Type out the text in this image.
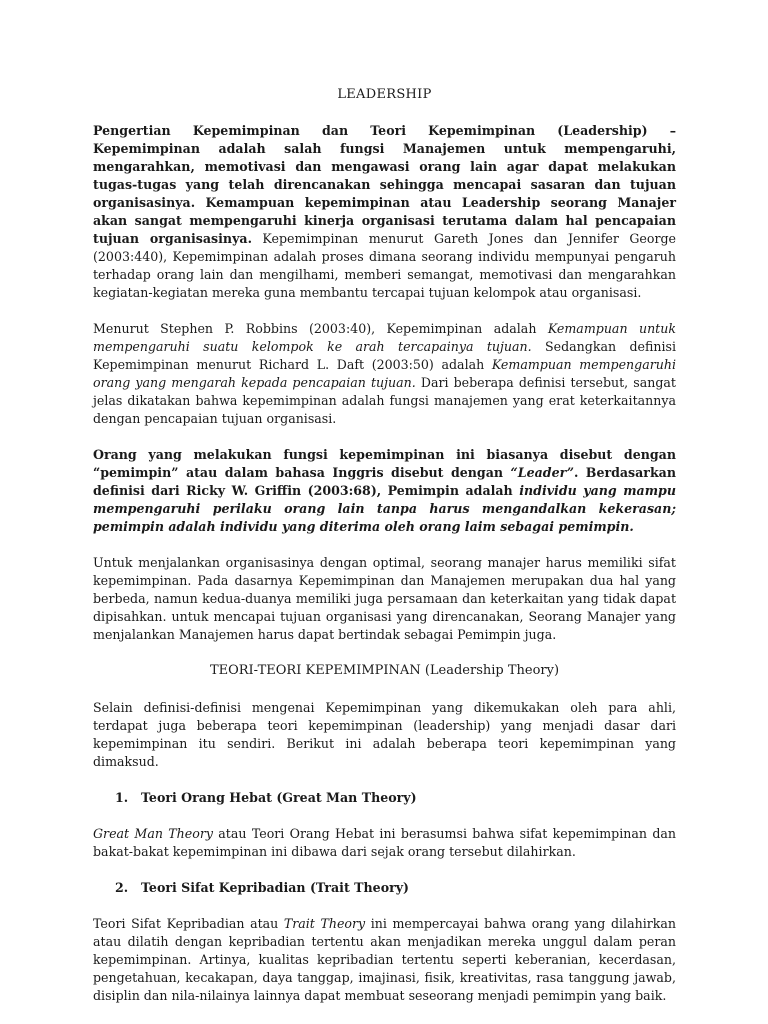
LEADERSHIP

Pengertian Kepemimpinan dan Teori Kepemimpinan (Leadership) – Kepemimpinan adalah salah fungsi Manajemen untuk mempengaruhi, mengarahkan, memotivasi dan mengawasi orang lain agar dapat melakukan tugas-tugas yang telah direncanakan sehingga mencapai sasaran dan tujuan organisasinya. Kemampuan kepemimpinan atau Leadership seorang Manajer akan sangat mempengaruhi kinerja organisasi terutama dalam hal pencapaian tujuan organisasinya. Kepemimpinan menurut Gareth Jones dan Jennifer George (2003:440), Kepemimpinan adalah proses dimana seorang individu mempunyai pengaruh terhadap orang lain dan mengilhami, memberi semangat, memotivasi dan mengarahkan kegiatan-kegiatan mereka guna membantu tercapai tujuan kelompok atau organisasi.

Menurut Stephen P. Robbins (2003:40), Kepemimpinan adalah Kemampuan untuk mempengaruhi suatu kelompok ke arah tercapainya tujuan. Sedangkan definisi Kepemimpinan menurut Richard L. Daft (2003:50) adalah Kemampuan mempengaruhi orang yang mengarah kepada pencapaian tujuan. Dari beberapa definisi tersebut, sangat jelas dikatakan bahwa kepemimpinan adalah fungsi manajemen yang erat keterkaitannya dengan pencapaian tujuan organisasi.

Orang yang melakukan fungsi kepemimpinan ini biasanya disebut dengan “pemimpin” atau dalam bahasa Inggris disebut dengan “Leader”. Berdasarkan definisi dari Ricky W. Griffin (2003:68), Pemimpin adalah individu yang mampu mempengaruhi perilaku orang lain tanpa harus mengandalkan kekerasan; pemimpin adalah individu yang diterima oleh orang laim sebagai pemimpin.

Untuk menjalankan organisasinya dengan optimal, seorang manajer harus memiliki sifat kepemimpinan. Pada dasarnya Kepemimpinan dan Manajemen merupakan dua hal yang berbeda, namun kedua-duanya memiliki juga persamaan dan keterkaitan yang tidak dapat dipisahkan. untuk mencapai tujuan organisasi yang direncanakan, Seorang Manajer yang menjalankan Manajemen harus dapat bertindak sebagai Pemimpin juga.

TEORI-TEORI KEPEMIMPINAN (Leadership Theory)

Selain definisi-definisi mengenai Kepemimpinan yang dikemukakan oleh para ahli, terdapat juga beberapa teori kepemimpinan (leadership) yang menjadi dasar dari kepemimpinan itu sendiri. Berikut ini adalah beberapa teori kepemimpinan yang dimaksud.

1. Teori Orang Hebat (Great Man Theory)

Great Man Theory atau Teori Orang Hebat ini berasumsi bahwa sifat kepemimpinan dan bakat-bakat kepemimpinan ini dibawa dari sejak orang tersebut dilahirkan.

2. Teori Sifat Kepribadian (Trait Theory)

Teori Sifat Kepribadian atau Trait Theory ini mempercayai bahwa orang yang dilahirkan atau dilatih dengan kepribadian tertentu akan menjadikan mereka unggul dalam peran kepemimpinan. Artinya, kualitas kepribadian tertentu seperti keberanian, kecerdasan, pengetahuan, kecakapan, daya tanggap, imajinasi, fisik, kreativitas, rasa tanggung jawab, disiplin dan nila-nilainya lainnya dapat membuat seseorang menjadi pemimpin yang baik.
